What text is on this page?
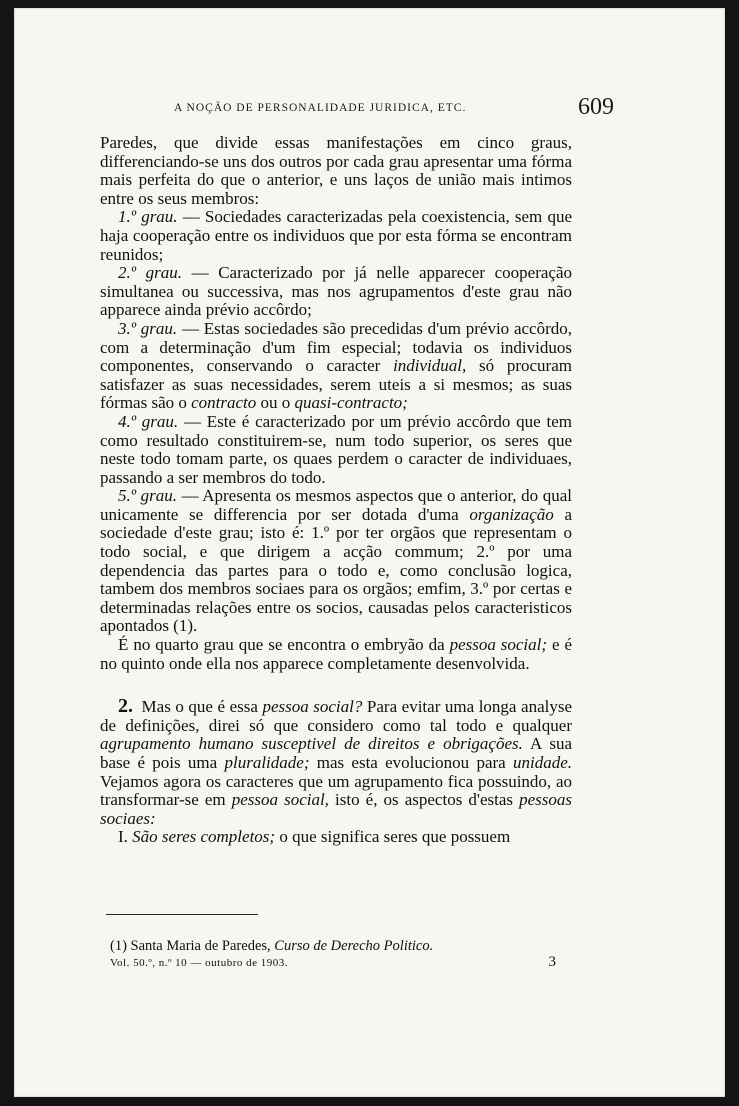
A NOÇÃO DE PERSONALIDADE JURIDICA, ETC.	609

Paredes, que divide essas manifestações em cinco graus, differenciando-se uns dos outros por cada grau apresentar uma fórma mais perfeita do que o anterior, e uns laços de união mais intimos entre os seus membros:

1.º grau. — Sociedades caracterizadas pela coexistencia, sem que haja cooperação entre os individuos que por esta fórma se encontram reunidos;

2.º grau. — Caracterizado por já nelle apparecer cooperação simultanea ou successiva, mas nos agrupamentos d'este grau não apparece ainda prévio accôrdo;

3.º grau. — Estas sociedades são precedidas d'um prévio accôrdo, com a determinação d'um fim especial; todavia os individuos componentes, conservando o caracter individual, só procuram satisfazer as suas necessidades, serem uteis a si mesmos; as suas fórmas são o contracto ou o quasi-contracto;

4.º grau. — Este é caracterizado por um prévio accôrdo que tem como resultado constituirem-se, num todo superior, os seres que neste todo tomam parte, os quaes perdem o caracter de individuaes, passando a ser membros do todo.

5.º grau. — Apresenta os mesmos aspectos que o anterior, do qual unicamente se differencia por ser dotada d'uma organização a sociedade d'este grau; isto é: 1.º por ter orgãos que representam o todo social, e que dirigem a acção commum; 2.º por uma dependencia das partes para o todo e, como conclusão logica, tambem dos membros sociaes para os orgãos; emfim, 3.º por certas e determinadas relações entre os socios, causadas pelos caracteristicos apontados (1).

É no quarto grau que se encontra o embryão da pessoa social; e é no quinto onde ella nos apparece completamente desenvolvida.

2. Mas o que é essa pessoa social? Para evitar uma longa analyse de definições, direi só que considero como tal todo e qualquer agrupamento humano susceptivel de direitos e obrigações. A sua base é pois uma pluralidade; mas esta evolucionou para unidade. Vejamos agora os caracteres que um agrupamento fica possuindo, ao transformar-se em pessoa social, isto é, os aspectos d'estas pessoas sociaes:

I. São seres completos; o que significa seres que possuem

(1) Santa Maria de Paredes, Curso de Derecho Politico.
Vol. 50.º, n.º 10 — outubro de 1903.	3
